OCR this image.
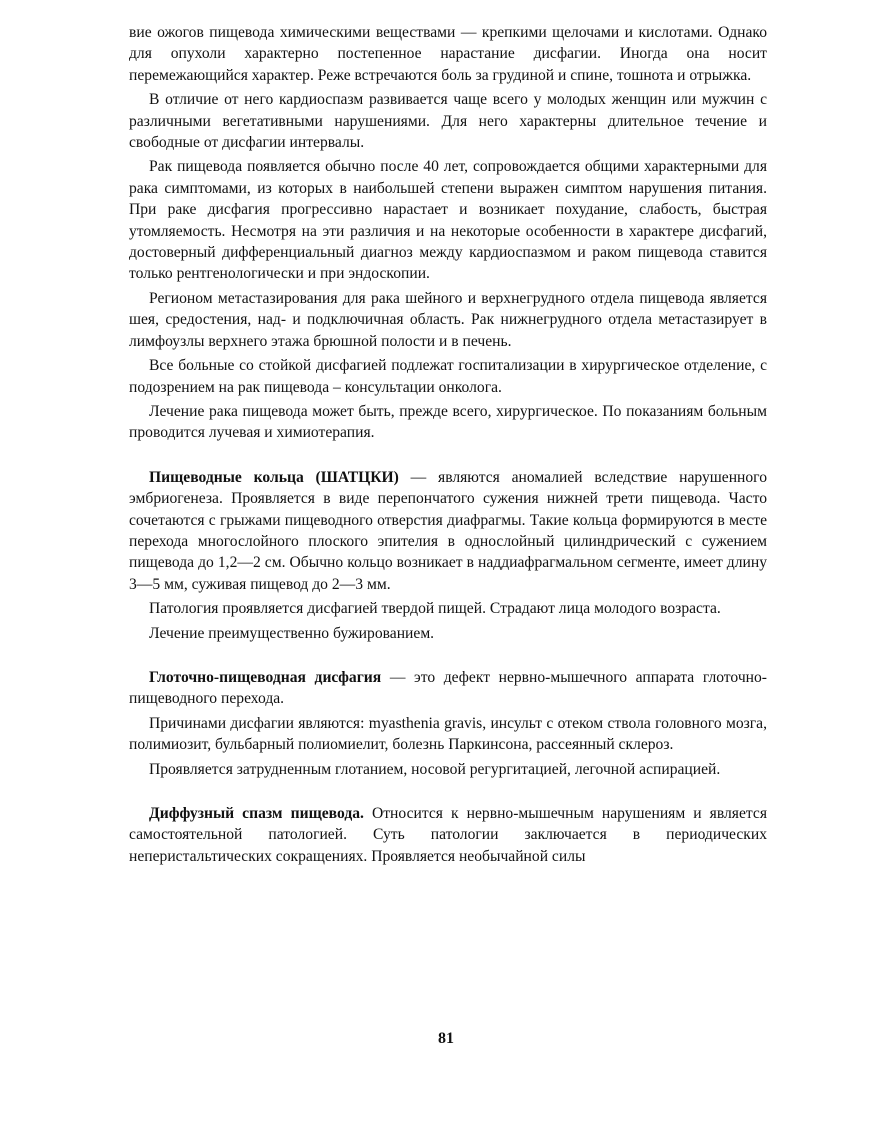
вие ожогов пищевода химическими веществами — крепкими щелочами и кислотами. Однако для опухоли характерно постепенное нарастание дисфагии. Иногда она носит перемежающийся характер. Реже встречаются боль за грудиной и спине, тошнота и отрыжка.

В отличие от него кардиоспазм развивается чаще всего у молодых женщин или мужчин с различными вегетативными нарушениями. Для него характерны длительное течение и свободные от дисфагии интервалы.

Рак пищевода появляется обычно после 40 лет, сопровождается общими характерными для рака симптомами, из которых в наибольшей степени выражен симптом нарушения питания. При раке дисфагия прогрессивно нарастает и возникает похудание, слабость, быстрая утомляемость. Несмотря на эти различия и на некоторые особенности в характере дисфагий, достоверный дифференциальный диагноз между кардиоспазмом и раком пищевода ставится только рентгенологически и при эндоскопии.

Регионом метастазирования для рака шейного и верхнегрудного отдела пищевода является шея, средостения, над- и подключичная область. Рак нижнегрудного отдела метастазирует в лимфоузлы верхнего этажа брюшной полости и в печень.

Все больные со стойкой дисфагией подлежат госпитализации в хирургическое отделение, с подозрением на рак пищевода – консультации онколога.

Лечение рака пищевода может быть, прежде всего, хирургическое. По показаниям больным проводится лучевая и химиотерапия.

Пищеводные кольца (ШАТЦКИ) — являются аномалией вследствие нарушенного эмбриогенеза. Проявляется в виде перепончатого сужения нижней трети пищевода. Часто сочетаются с грыжами пищеводного отверстия диафрагмы. Такие кольца формируются в месте перехода многослойного плоского эпителия в однослойный цилиндрический с сужением пищевода до 1,2—2 см. Обычно кольцо возникает в наддиафрагмальном сегменте, имеет длину 3—5 мм, суживая пищевод до 2—3 мм.

Патология проявляется дисфагией твердой пищей. Страдают лица молодого возраста.

Лечение преимущественно бужированием.

Глоточно-пищеводная дисфагия — это дефект нервно-мышечного аппарата глоточно-пищеводного перехода.

Причинами дисфагии являются: myasthenia gravis, инсульт с отеком ствола головного мозга, полимиозит, бульбарный полиомиелит, болезнь Паркинсона, рассеянный склероз.

Проявляется затрудненным глотанием, носовой регургитацией, легочной аспирацией.

Диффузный спазм пищевода. Относится к нервно-мышечным нарушениям и является самостоятельной патологией. Суть патологии заключается в периодических неперистальтических сокращениях. Проявляется необычайной силы

81
